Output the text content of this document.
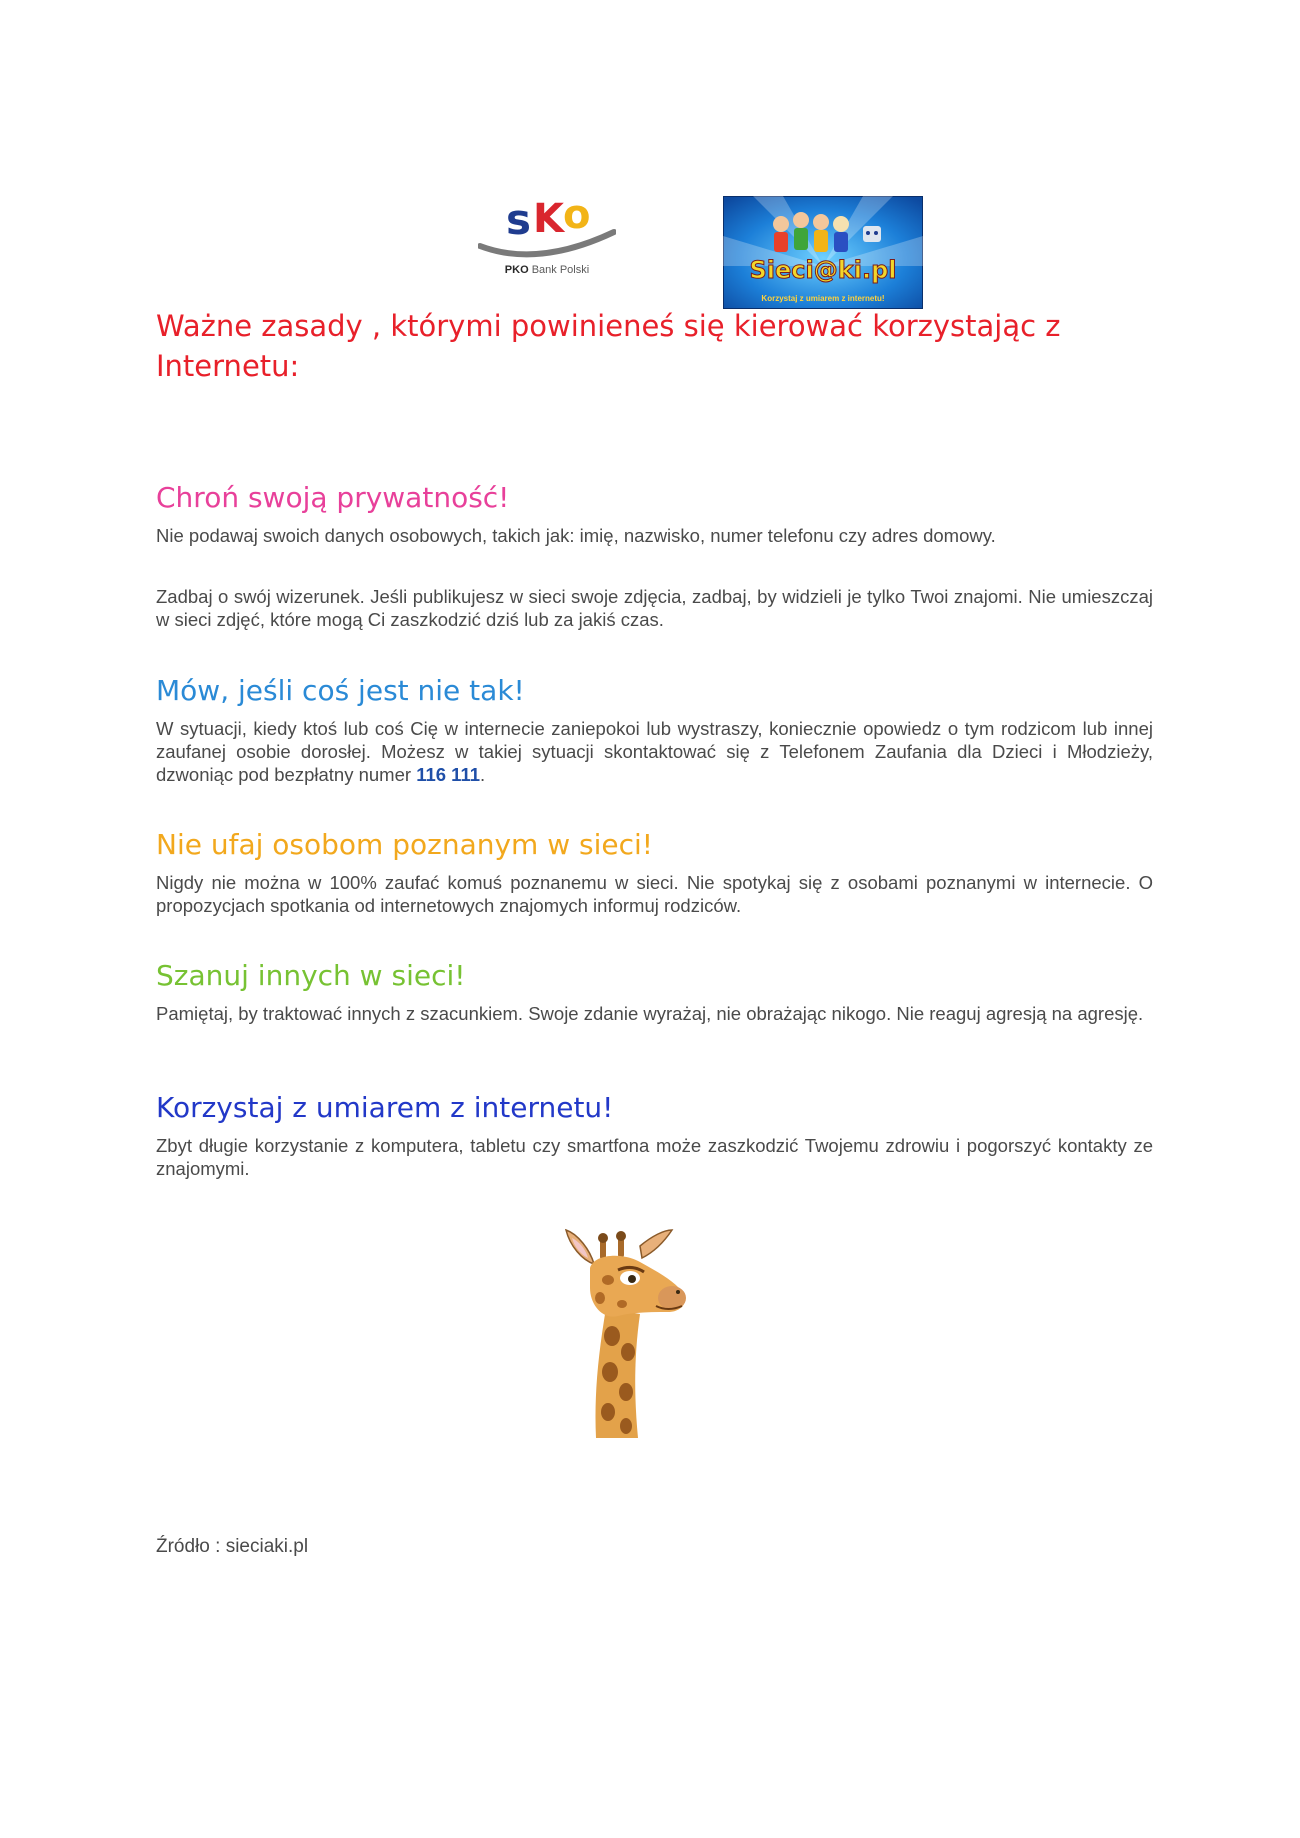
s K o
PKO Bank Polski	Sieci@ki.pl
Korzystaj z umiarem z internetu!
Ważne zasady , którymi powinieneś się kierować korzystając z Internetu:
Chroń swoją prywatność!

Nie podawaj swoich danych osobowych, takich jak: imię, nazwisko, numer telefonu czy adres domowy.

Zadbaj o swój wizerunek. Jeśli publikujesz w sieci swoje zdjęcia, zadbaj, by widzieli je tylko Twoi znajomi. Nie umieszczaj w sieci zdjęć, które mogą Ci zaszkodzić dziś lub za jakiś czas.

Mów, jeśli coś jest nie tak!

W sytuacji, kiedy ktoś lub coś Cię w internecie zaniepokoi lub wystraszy, koniecznie opowiedz o tym rodzicom lub innej zaufanej osobie dorosłej. Możesz w takiej sytuacji skontaktować się z Telefonem Zaufania dla Dzieci i Młodzieży, dzwoniąc pod bezpłatny numer 116 111.

Nie ufaj osobom poznanym w sieci!

Nigdy nie można w 100% zaufać komuś poznanemu w sieci. Nie spotykaj się z osobami poznanymi w internecie. O propozycjach spotkania od internetowych znajomych informuj rodziców.

Szanuj innych w sieci!

Pamiętaj, by traktować innych z szacunkiem. Swoje zdanie wyrażaj, nie obrażając nikogo. Nie reaguj agresją na agresję.

Korzystaj z umiarem z internetu!

Zbyt długie korzystanie z komputera, tabletu czy smartfona może zaszkodzić Twojemu zdrowiu i pogorszyć kontakty ze znajomymi.

Źródło : sieciaki.pl
